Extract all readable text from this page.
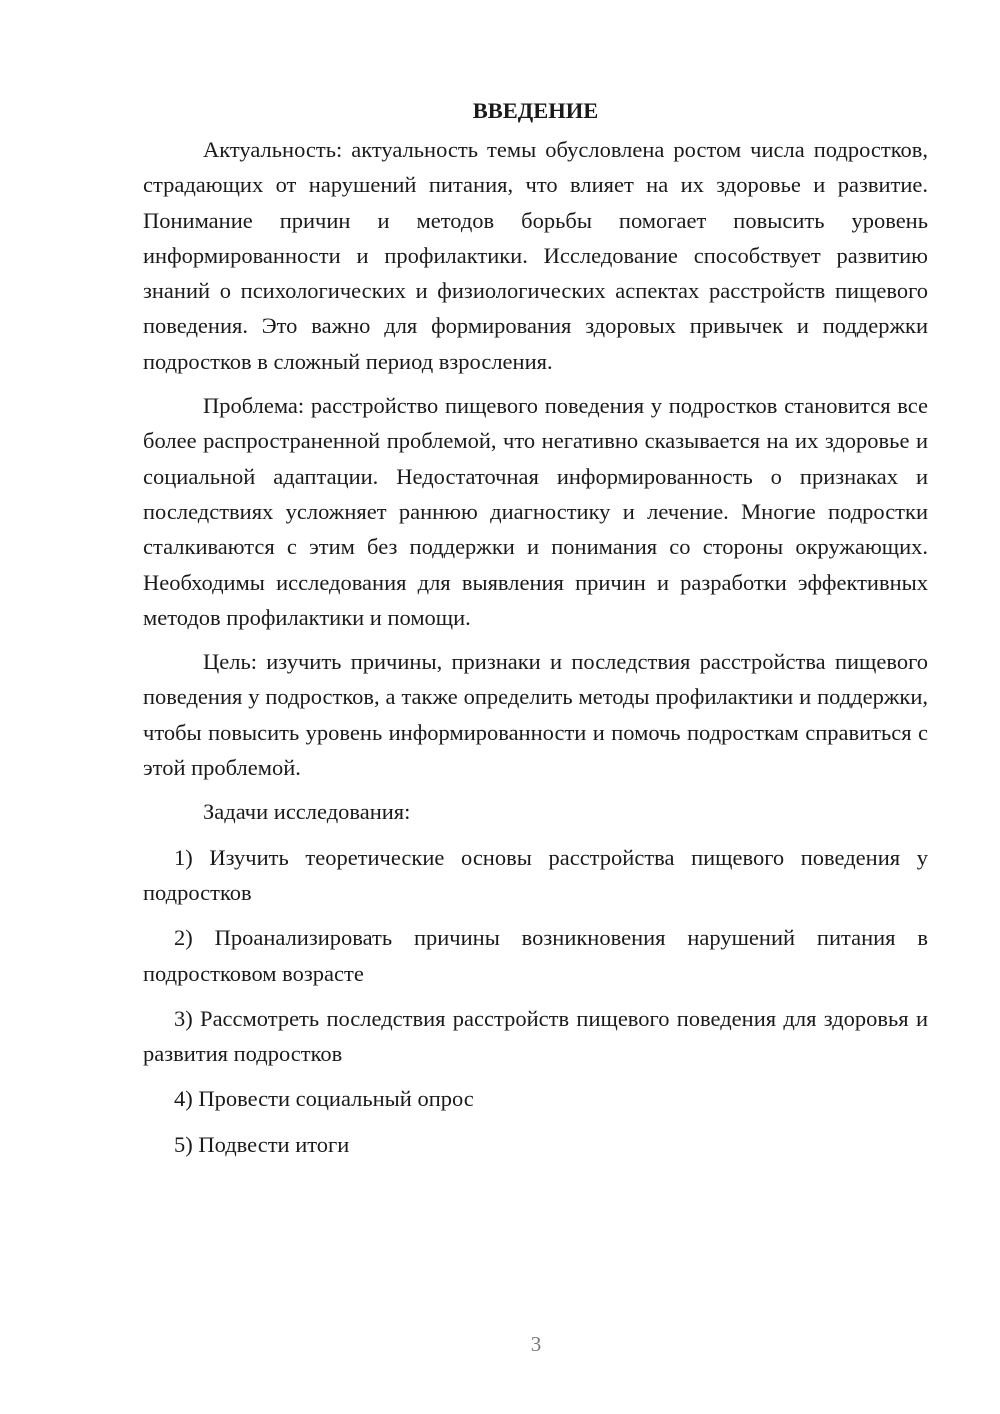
ВВЕДЕНИЕ

Актуальность: актуальность темы обусловлена ростом числа подростков, страдающих от нарушений питания, что влияет на их здоровье и развитие. Понимание причин и методов борьбы помогает повысить уровень информированности и профилактики. Исследование способствует развитию знаний о психологических и физиологических аспектах расстройств пищевого поведения. Это важно для формирования здоровых привычек и поддержки подростков в сложный период взросления.

Проблема: расстройство пищевого поведения у подростков становится все более распространенной проблемой, что негативно сказывается на их здоровье и социальной адаптации. Недостаточная информированность о признаках и последствиях усложняет раннюю диагностику и лечение. Многие подростки сталкиваются с этим без поддержки и понимания со стороны окружающих. Необходимы исследования для выявления причин и разработки эффективных методов профилактики и помощи.

Цель: изучить причины, признаки и последствия расстройства пищевого поведения у подростков, а также определить методы профилактики и поддержки, чтобы повысить уровень информированности и помочь подросткам справиться с этой проблемой.

Задачи исследования:

1) Изучить теоретические основы расстройства пищевого поведения у подростков

2) Проанализировать причины возникновения нарушений питания в подростковом возрасте

3) Рассмотреть последствия расстройств пищевого поведения для здоровья и развития подростков

4) Провести социальный опрос

5) Подвести итоги

3
